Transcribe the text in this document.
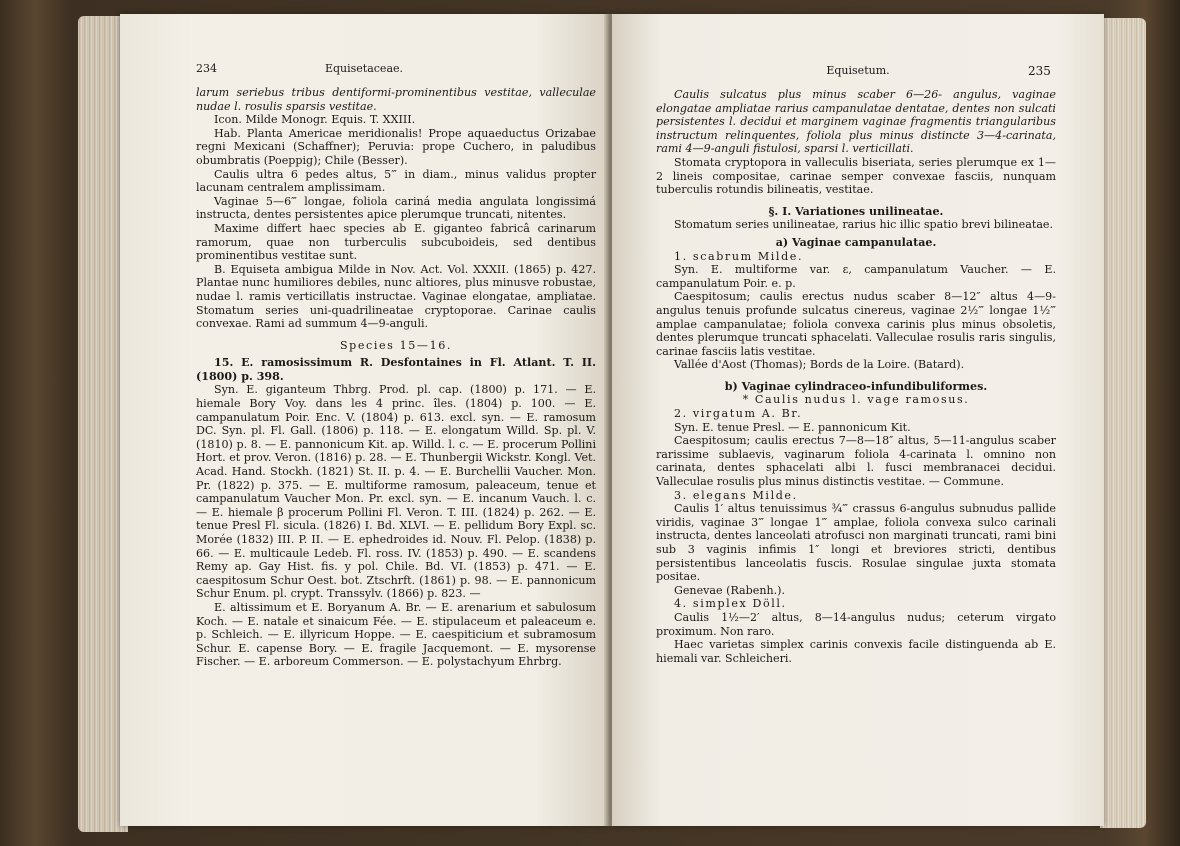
234	Equisetaceae.

larum seriebus tribus dentiformi-prominentibus vestitae, valleculae nudae l. rosulis sparsis vestitae.

Icon. Milde Monogr. Equis. T. XXIII.

Hab. Planta Americae meridionalis! Prope aquaeductus Orizabae regni Mexicani (Schaffner); Peruvia: prope Cuchero, in paludibus obumbratis (Poeppig); Chile (Besser).

Caulis ultra 6 pedes altus, 5‴ in diam., minus validus propter lacunam centralem amplissimam.

Vaginae 5—6‴ longae, foliola cariná media angulata longissimá instructa, dentes persistentes apice plerumque truncati, nitentes.

Maxime differt haec species ab E. giganteo fabricâ carinarum ramorum, quae non turberculis subcuboideis, sed dentibus prominentibus vestitae sunt.

B. Equiseta ambigua Milde in Nov. Act. Vol. XXXII. (1865) p. 427. Plantae nunc humiliores debiles, nunc altiores, plus minusve robustae, nudae l. ramis verticillatis instructae. Vaginae elongatae, ampliatae. Stomatum series uni-quadrilineatae cryptoporae. Carinae caulis convexae. Rami ad summum 4—9-anguli.

Species 15—16.

15. E. ramosissimum R. Desfontaines in Fl. Atlant. T. II. (1800) p. 398.

Syn. E. giganteum Thbrg. Prod. pl. cap. (1800) p. 171. — E. hiemale Bory Voy. dans les 4 princ. îles. (1804) p. 100. — E. campanulatum Poir. Enc. V. (1804) p. 613. excl. syn. — E. ramosum DC. Syn. pl. Fl. Gall. (1806) p. 118. — E. elongatum Willd. Sp. pl. V. (1810) p. 8. — E. pannonicum Kit. ap. Willd. l. c. — E. procerum Pollini Hort. et prov. Veron. (1816) p. 28. — E. Thunbergii Wickstr. Kongl. Vet. Acad. Hand. Stockh. (1821) St. II. p. 4. — E. Burchellii Vaucher. Mon. Pr. (1822) p. 375. — E. multiforme ramosum, paleaceum, tenue et campanulatum Vaucher Mon. Pr. excl. syn. — E. incanum Vauch. l. c. — E. hiemale β procerum Pollini Fl. Veron. T. III. (1824) p. 262. — E. tenue Presl Fl. sicula. (1826) I. Bd. XLVI. — E. pellidum Bory Expl. sc. Morée (1832) III. P. II. — E. ephedroides id. Nouv. Fl. Pelop. (1838) p. 66. — E. multicaule Ledeb. Fl. ross. IV. (1853) p. 490. — E. scandens Remy ap. Gay Hist. fis. y pol. Chile. Bd. VI. (1853) p. 471. — E. caespitosum Schur Oest. bot. Ztschrft. (1861) p. 98. — E. pannonicum Schur Enum. pl. crypt. Transsylv. (1866) p. 823. —

E. altissimum et E. Boryanum A. Br. — E. arenarium et sabulosum Koch. — E. natale et sinaicum Fée. — E. stipulaceum et paleaceum e. p. Schleich. — E. illyricum Hoppe. — E. caespiticium et subramosum Schur. E. capense Bory. — E. fragile Jacquemont. — E. mysorense Fischer. — E. arboreum Commerson. — E. polystachyum Ehrbrg.

Equisetum.	235

Caulis sulcatus plus minus scaber 6—26- angulus, vaginae elongatae ampliatae rarius campanulatae dentatae, dentes non sulcati persistentes l. decidui et marginem vaginae fragmentis triangularibus instructum relinquentes, foliola plus minus distincte 3—4-carinata, rami 4—9-anguli fistulosi, sparsi l. verticillati.

Stomata cryptopora in valleculis biseriata, series plerumque ex 1—2 lineis compositae, carinae semper convexae fasciis, nunquam tuberculis rotundis bilineatis, vestitae.

§. I. Variationes unilineatae.

Stomatum series unilineatae, rarius hic illic spatio brevi bilineatae.

a) Vaginae campanulatae.

1. scabrum Milde.

Syn. E. multiforme var. ε, campanulatum Vaucher. — E. campanulatum Poir. e. p.

Caespitosum; caulis erectus nudus scaber 8—12″ altus 4—9-angulus tenuis profunde sulcatus cinereus, vaginae 2½‴ longae 1½‴ amplae campanulatae; foliola convexa carinis plus minus obsoletis, dentes plerumque truncati sphacelati. Valleculae rosulis raris singulis, carinae fasciis latis vestitae.

Vallée d'Aost (Thomas); Bords de la Loire. (Batard).

b) Vaginae cylindraceo-infundibuliformes.

* Caulis nudus l. vage ramosus.

2. virgatum A. Br.

Syn. E. tenue Presl. — E. pannonicum Kit.

Caespitosum; caulis erectus 7—8—18″ altus, 5—11-angulus scaber rarissime sublaevis, vaginarum foliola 4-carinata l. omnino non carinata, dentes sphacelati albi l. fusci membranacei decidui. Valleculae rosulis plus minus distinctis vestitae. — Commune.

3. elegans Milde.

Caulis 1′ altus tenuissimus ¾‴ crassus 6-angulus subnudus pallide viridis, vaginae 3‴ longae 1‴ amplae, foliola convexa sulco carinali instructa, dentes lanceolati atrofusci non marginati truncati, rami bini sub 3 vaginis infimis 1″ longi et breviores stricti, dentibus persistentibus lanceolatis fuscis. Rosulae singulae juxta stomata positae.

Genevae (Rabenh.).

4. simplex Döll.

Caulis 1½—2′ altus, 8—14-angulus nudus; ceterum virgato proximum. Non raro.

Haec varietas simplex carinis convexis facile distinguenda ab E. hiemali var. Schleicheri.
